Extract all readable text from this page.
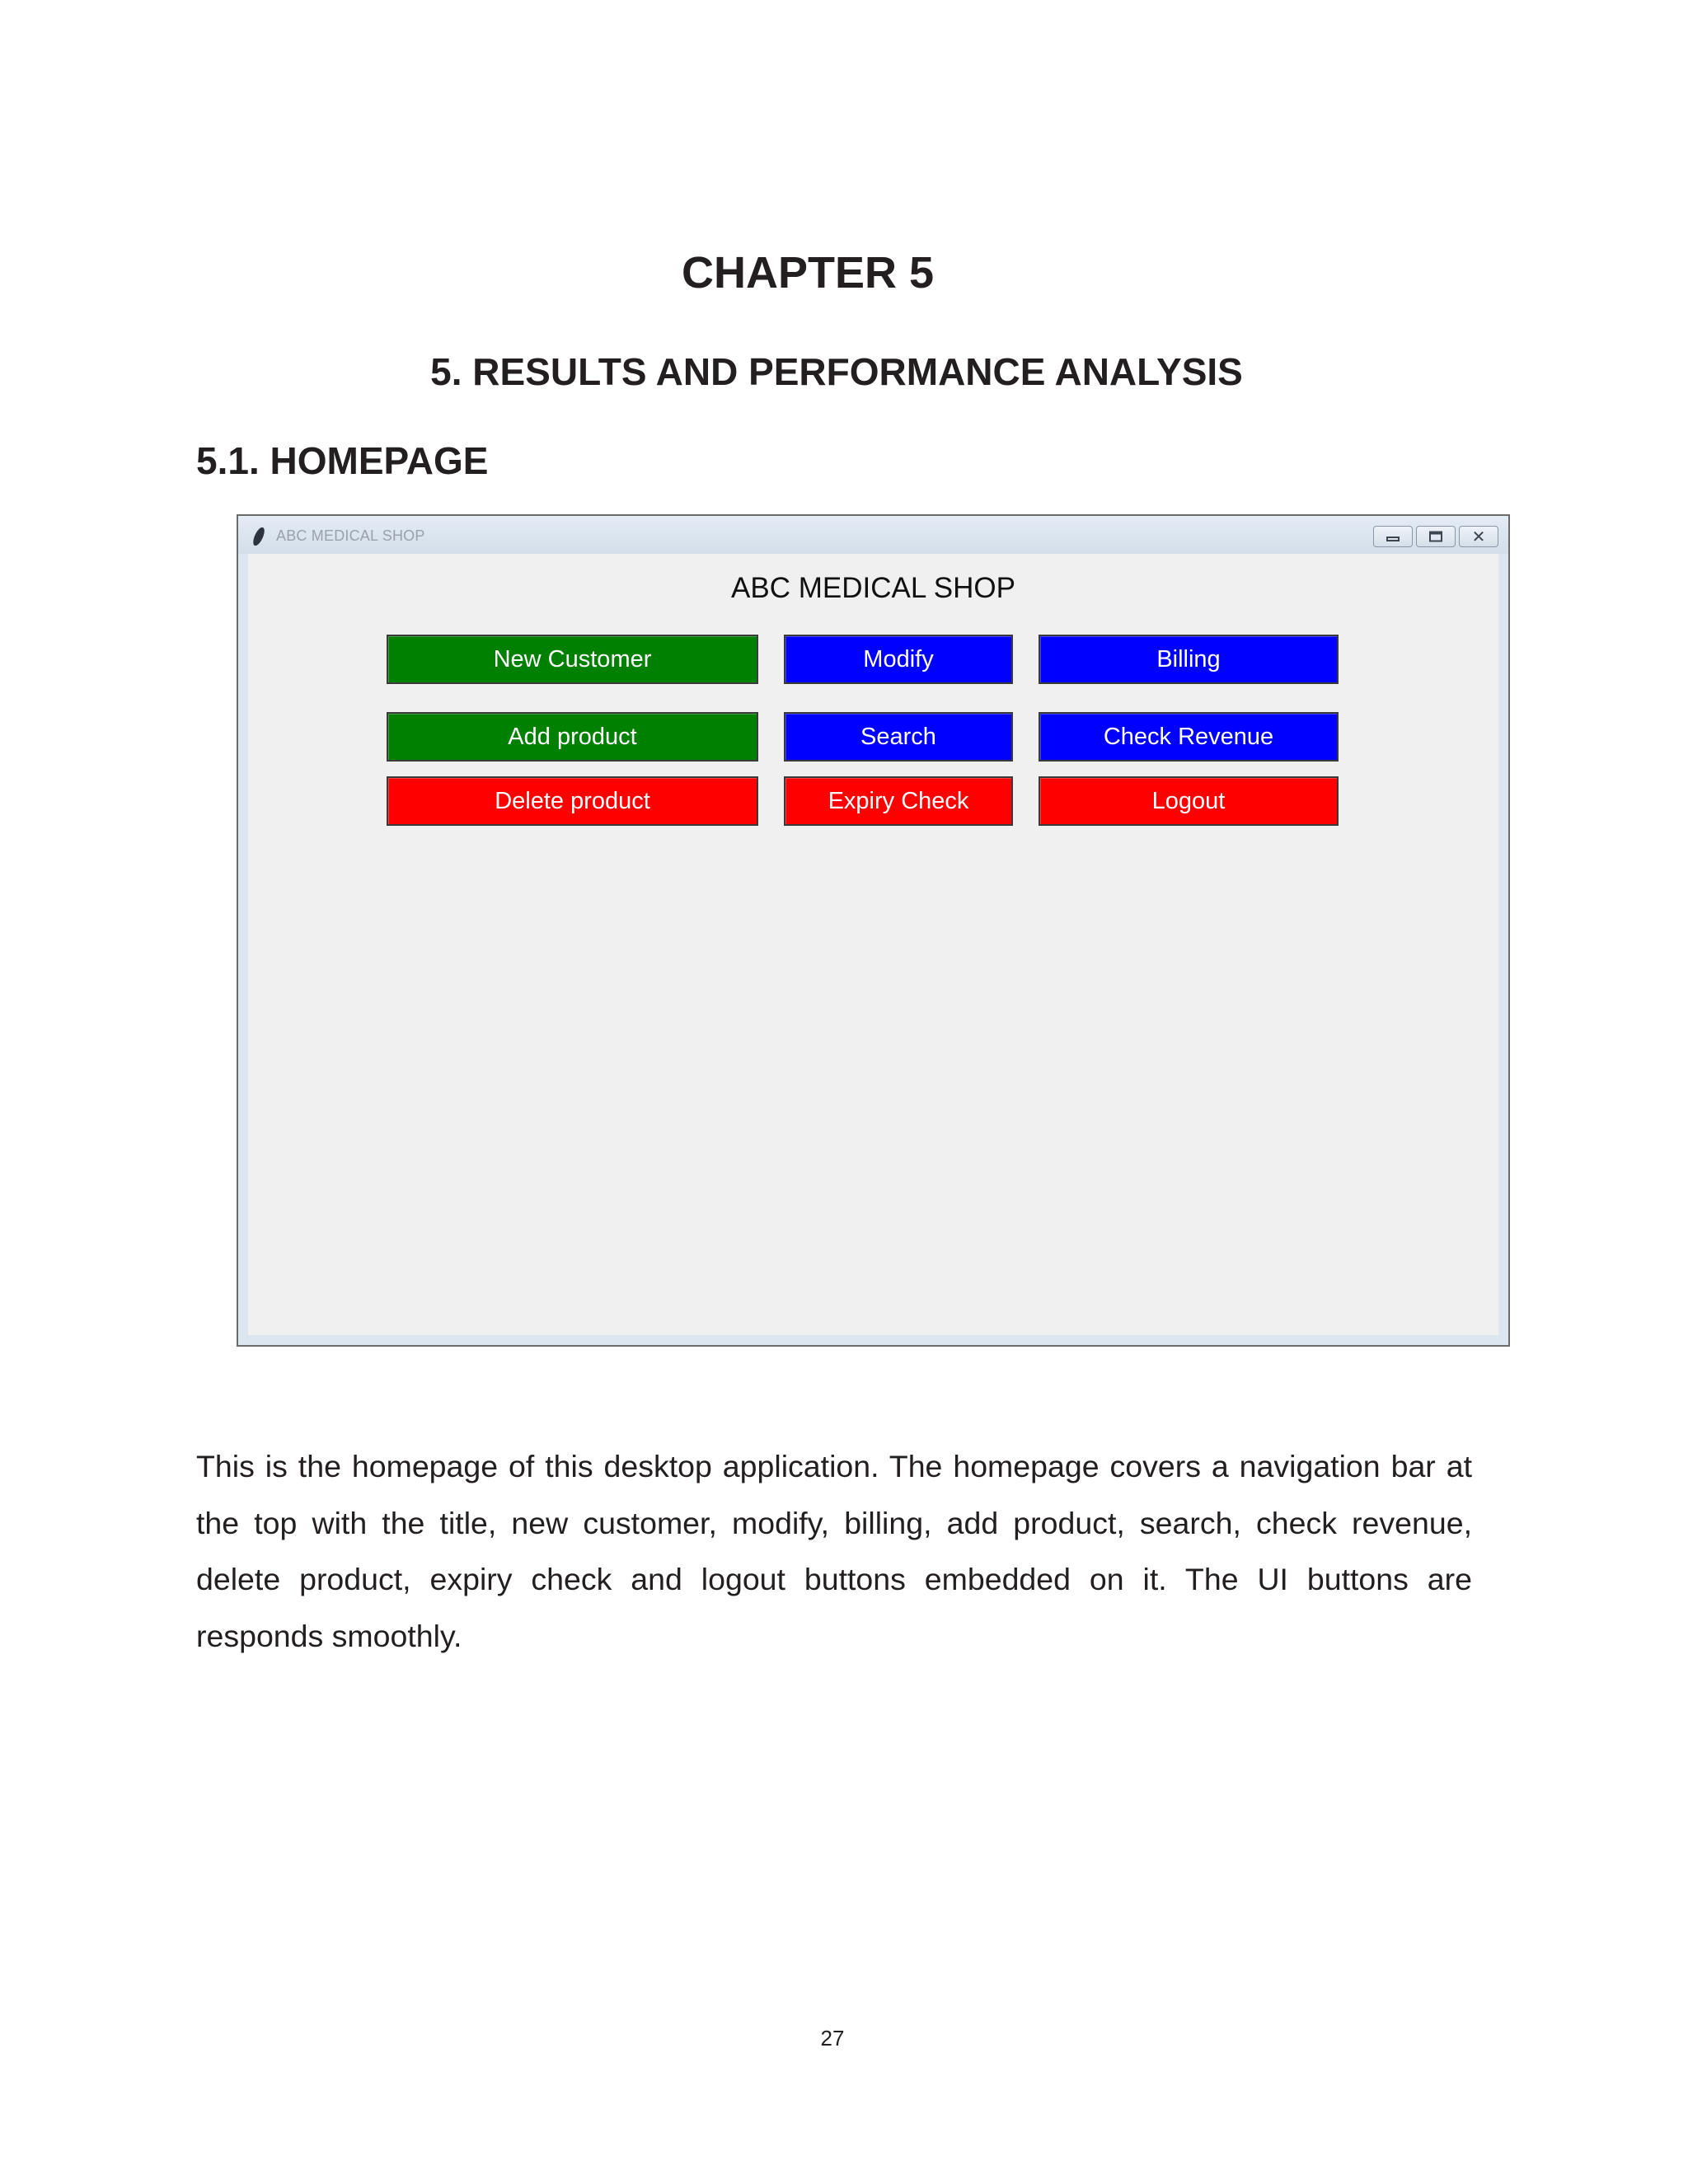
CHAPTER 5
5. RESULTS AND PERFORMANCE ANALYSIS
5.1. HOMEPAGE
ABC MEDICAL SHOP	✕

ABC MEDICAL SHOP

New Customer	Modify	Billing
Add product	Search	Check Revenue
Delete product	Expiry Check	Logout

This is the homepage of this desktop application. The homepage covers a navigation bar at the top with the title, new customer, modify, billing, add product, search, check revenue, delete product, expiry check and logout buttons embedded on it. The UI buttons are responds smoothly.

27
